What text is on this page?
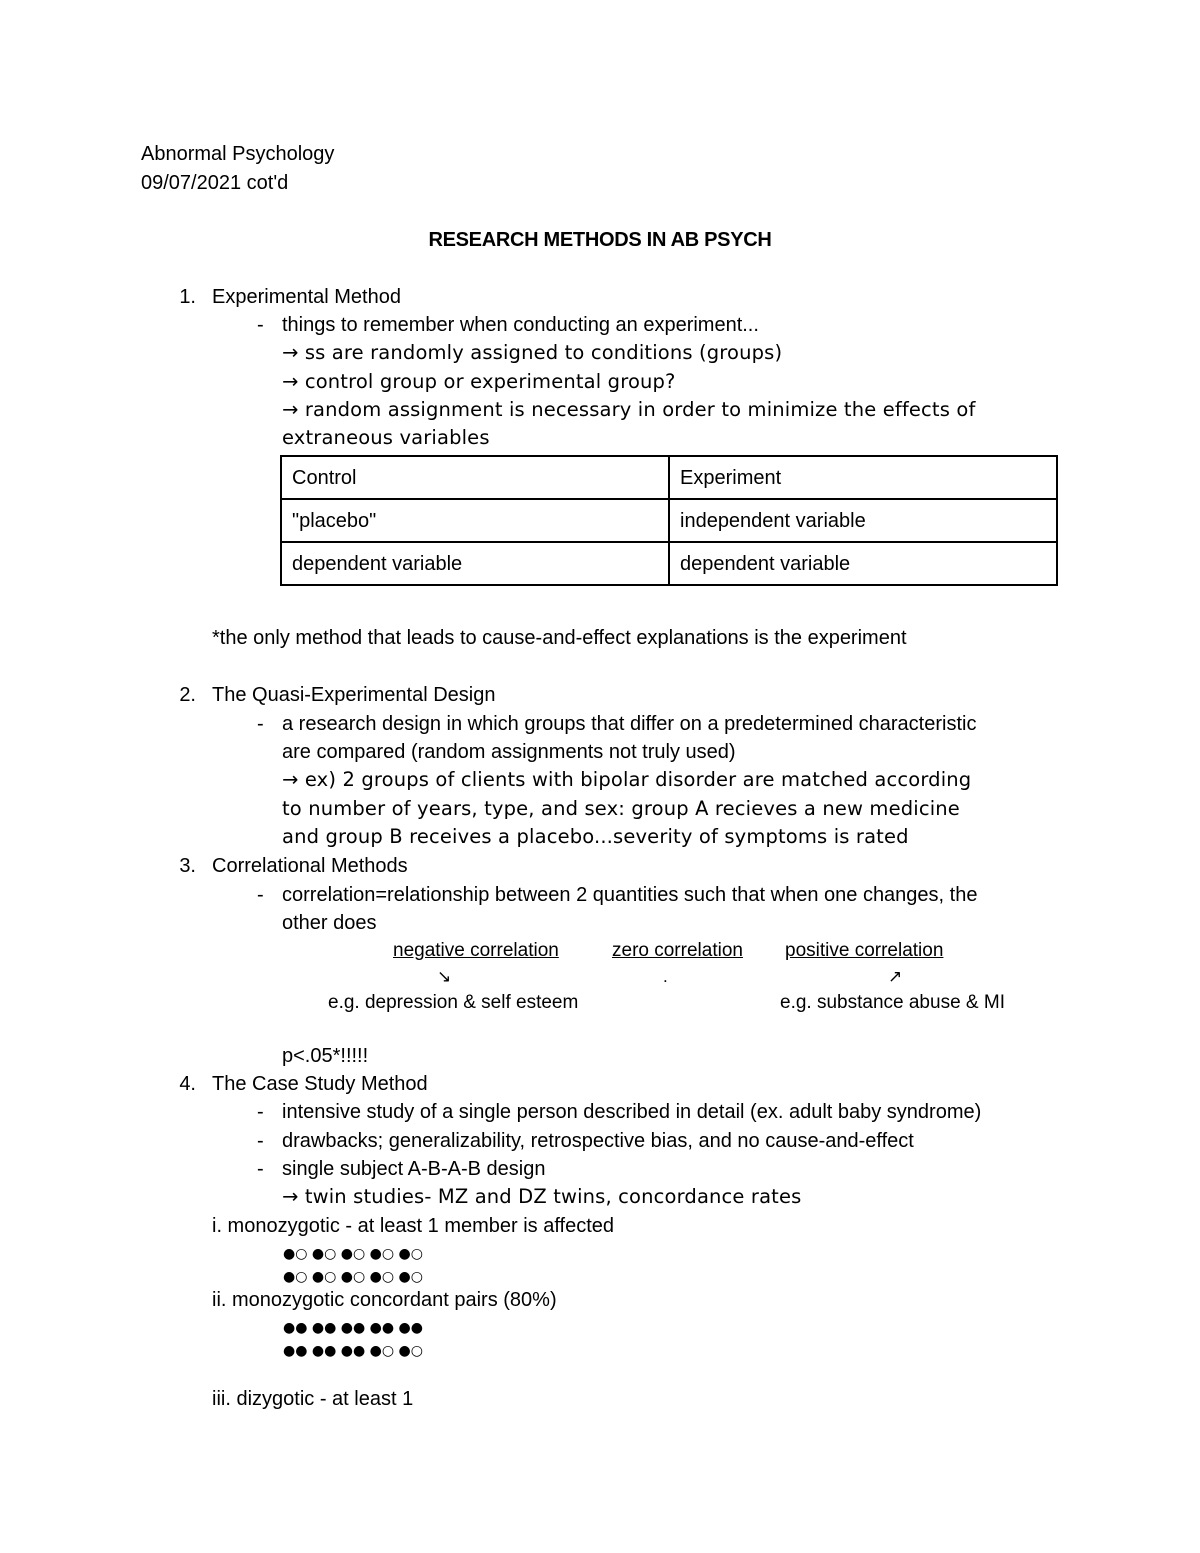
Abnormal Psychology
09/07/2021 cot'd
RESEARCH METHODS IN AB PSYCH
1. Experimental Method
- things to remember when conducting an experiment...
→ ss are randomly assigned to conditions (groups)
→ control group or experimental group?
→ random assignment is necessary in order to minimize the effects of
extraneous variables
Control	Experiment
"placebo"	independent variable
dependent variable	dependent variable
*the only method that leads to cause-and-effect explanations is the experiment
2. The Quasi-Experimental Design
- a research design in which groups that differ on a predetermined characteristic
are compared (random assignments not truly used)
→ ex) 2 groups of clients with bipolar disorder are matched according
to number of years, type, and sex: group A recieves a new medicine
and group B receives a placebo...severity of symptoms is rated
3. Correlational Methods
- correlation=relationship between 2 quantities such that when one changes, the
other does
negative correlation	zero correlation positive correlation
↘	.	↗
e.g. depression & self esteem	e.g. substance abuse & MI
p<.05*!!!!!
4. The Case Study Method
- intensive study of a single person described in detail (ex. adult baby syndrome)
- drawbacks; generalizability, retrospective bias, and no cause-and-effect
- single subject A-B-A-B design
→ twin studies- MZ and DZ twins, concordance rates
i. monozygotic - at least 1 member is affected
●○ ●○ ●○ ●○ ●○
●○ ●○ ●○ ●○ ●○
ii. monozygotic concordant pairs (80%)
●● ●● ●● ●● ●●
●● ●● ●● ●○ ●○
iii. dizygotic - at least 1
